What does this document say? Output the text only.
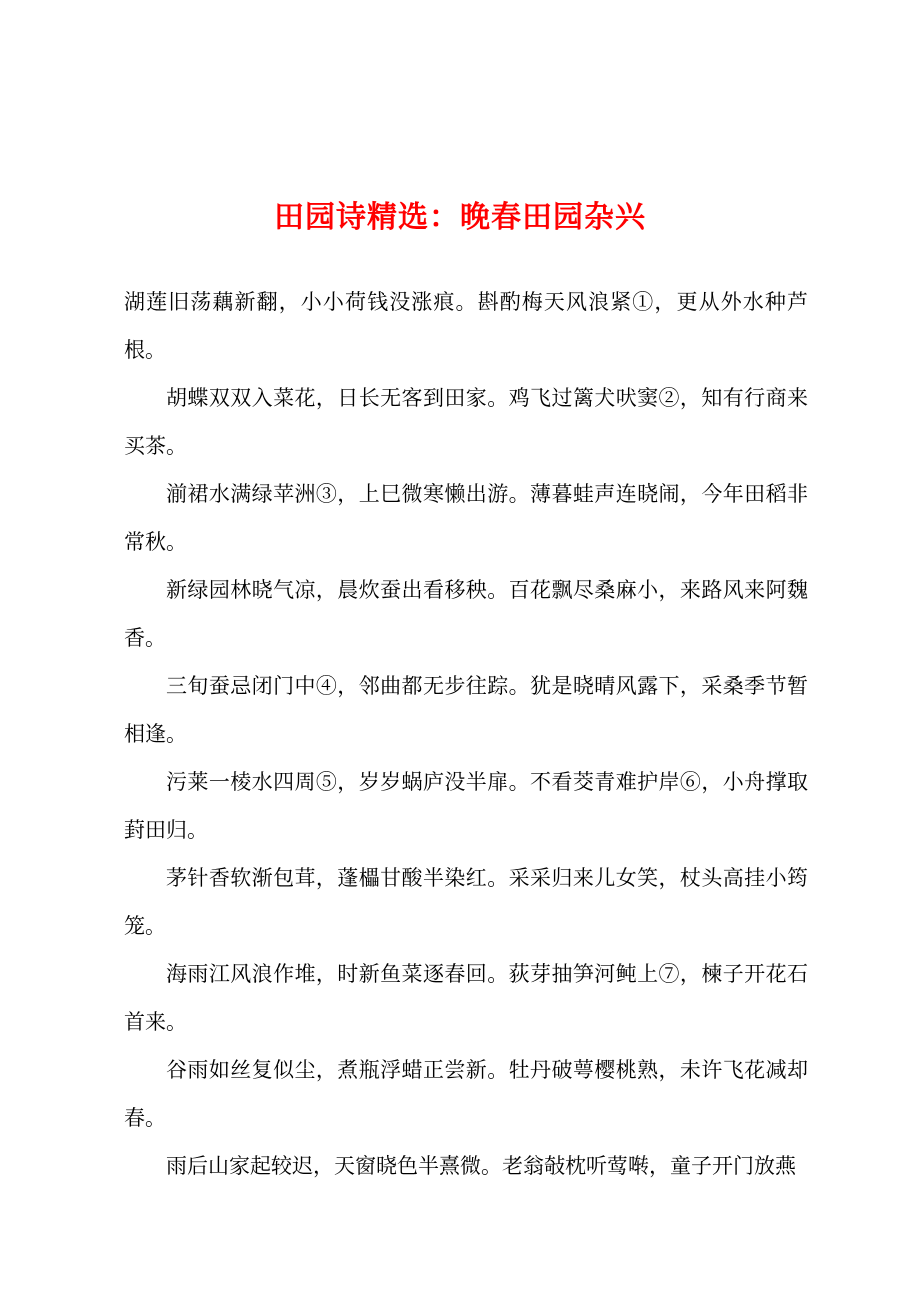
田园诗精选：晚春田园杂兴

湖莲旧荡藕新翻，小小荷钱没涨痕。斟酌梅天风浪紧①，更从外水种芦根。

胡蝶双双入菜花，日长无客到田家。鸡飞过篱犬吠窦②，知有行商来买茶。

湔裙水满绿苹洲③，上巳微寒懒出游。薄暮蛙声连晓闹，今年田稻非常秋。

新绿园林晓气凉，晨炊蚕出看移秧。百花飘尽桑麻小，来路风来阿魏香。

三旬蚕忌闭门中④，邻曲都无步往踪。犹是晓晴风露下，采桑季节暂相逢。

污莱一棱水四周⑤，岁岁蜗庐没半扉。不看茭青难护岸⑥，小舟撑取葑田归。

茅针香软渐包茸，蓬櫑甘酸半染红。采采归来儿女笑，杖头高挂小筠笼。

海雨江风浪作堆，时新鱼菜逐春回。荻芽抽笋河鲀上⑦，楝子开花石首来。

谷雨如丝复似尘，煮瓶浮蜡正尝新。牡丹破萼樱桃熟，未许飞花减却春。

雨后山家起较迟，天窗晓色半熹微。老翁敧枕听莺啭，童子开门放燕
